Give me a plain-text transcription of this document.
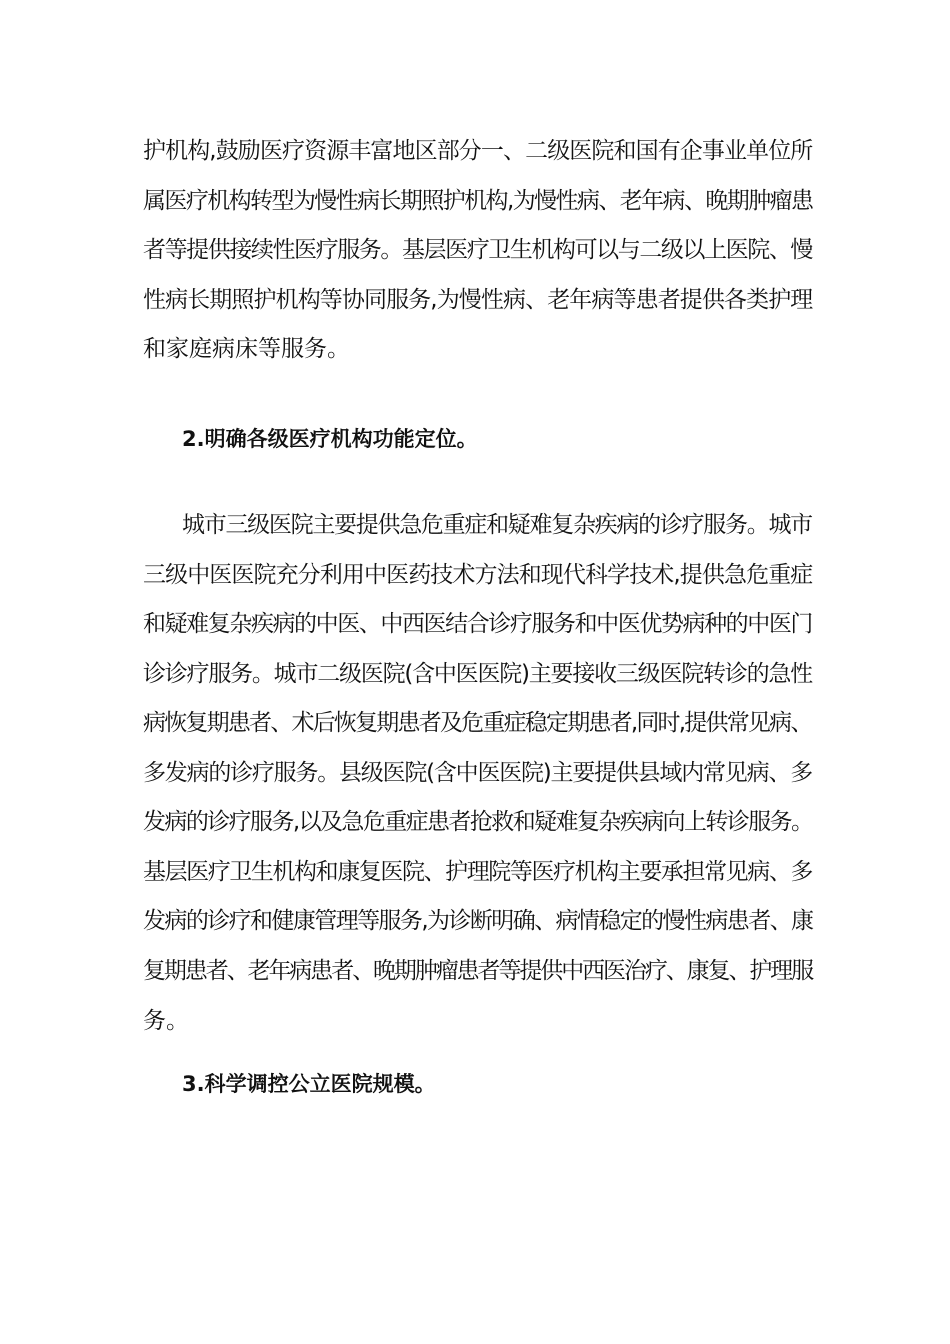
护机构,鼓励医疗资源丰富地区部分一、二级医院和国有企事业单位所
属医疗机构转型为慢性病长期照护机构,为慢性病、老年病、晚期肿瘤患
者等提供接续性医疗服务。基层医疗卫生机构可以与二级以上医院、慢
性病长期照护机构等协同服务,为慢性病、老年病等患者提供各类护理
和家庭病床等服务。
2.明确各级医疗机构功能定位。
城市三级医院主要提供急危重症和疑难复杂疾病的诊疗服务。城市
三级中医医院充分利用中医药技术方法和现代科学技术,提供急危重症
和疑难复杂疾病的中医、中西医结合诊疗服务和中医优势病种的中医门
诊诊疗服务。城市二级医院(含中医医院)主要接收三级医院转诊的急性
病恢复期患者、术后恢复期患者及危重症稳定期患者,同时,提供常见病、
多发病的诊疗服务。县级医院(含中医医院)主要提供县域内常见病、多
发病的诊疗服务,以及急危重症患者抢救和疑难复杂疾病向上转诊服务。
基层医疗卫生机构和康复医院、护理院等医疗机构主要承担常见病、多
发病的诊疗和健康管理等服务,为诊断明确、病情稳定的慢性病患者、康
复期患者、老年病患者、晚期肿瘤患者等提供中西医治疗、康复、护理服
务。
3.科学调控公立医院规模。
